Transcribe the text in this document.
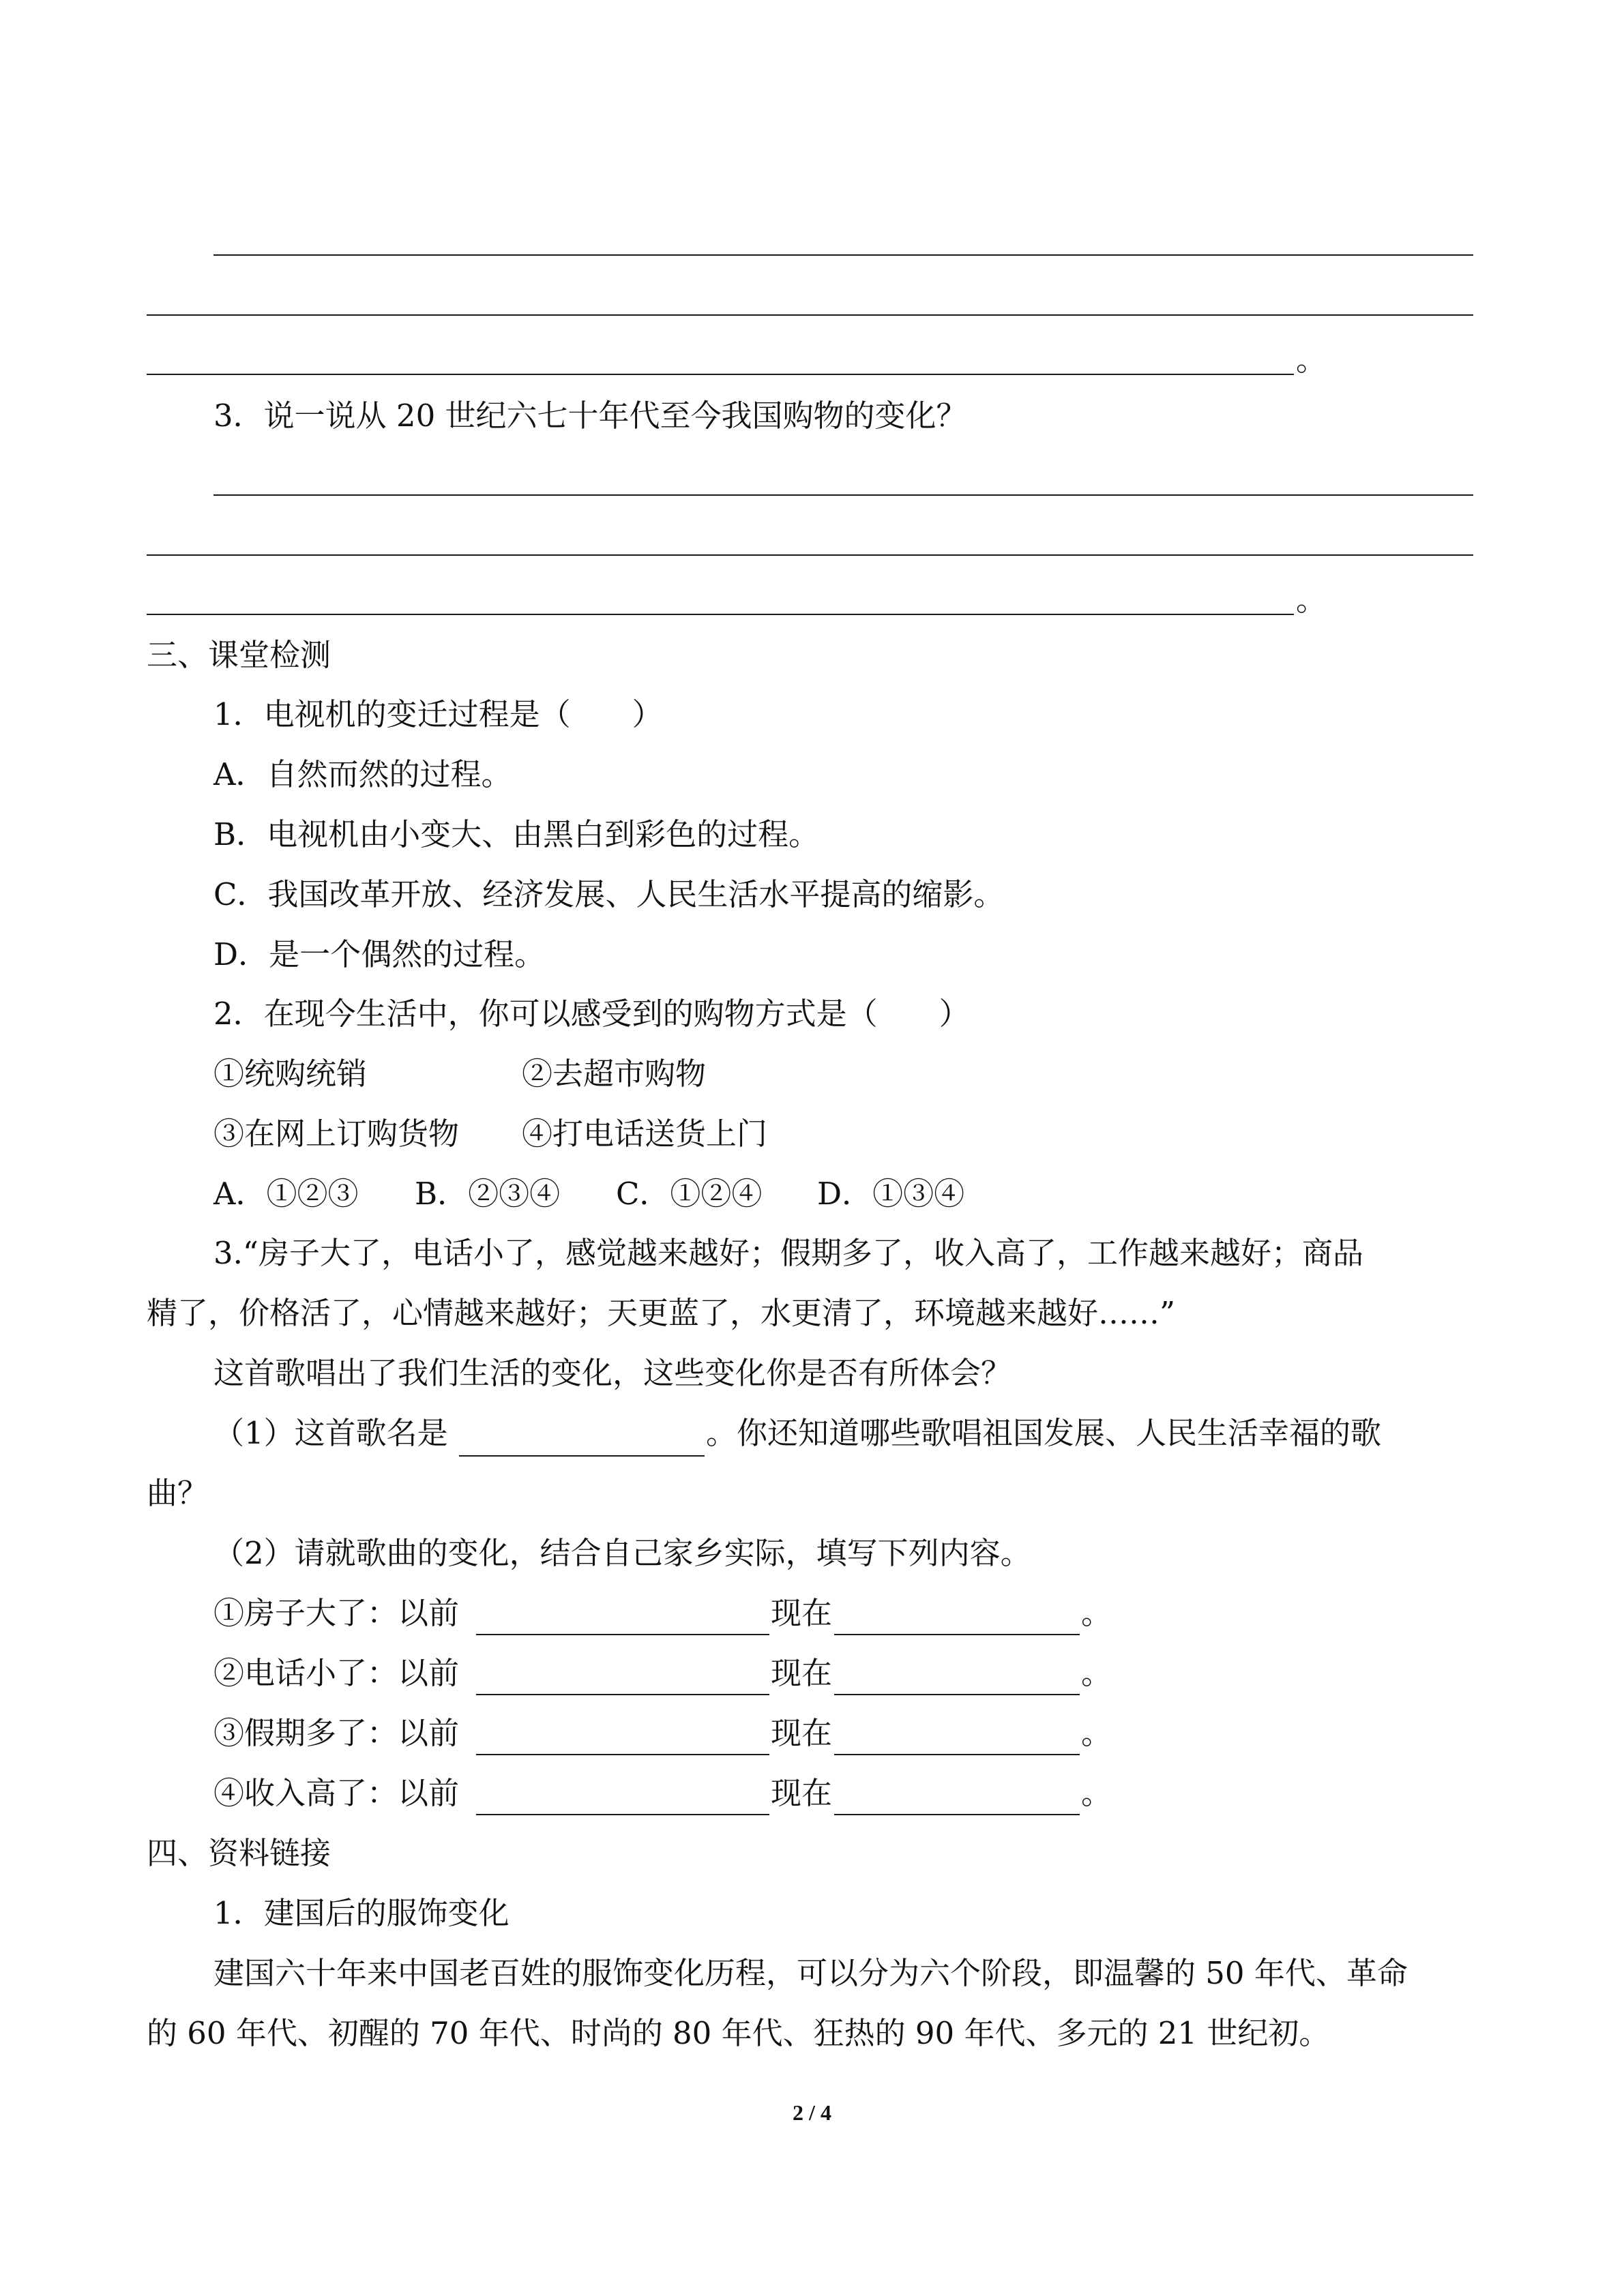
。
3．说一说从 20 世纪六七十年代至今我国购物的变化？
。
三、课堂检测
1．电视机的变迁过程是（　　）
A．自然而然的过程。
B．电视机由小变大、由黑白到彩色的过程。
C．我国改革开放、经济发展、人民生活水平提高的缩影。
D．是一个偶然的过程。
2．在现今生活中，你可以感受到的购物方式是（　　）
①统购统销	②去超市购物
③在网上订购货物 ④打电话送货上门
A．①②③ B．②③④ C．①②④ D．①③④
3.“房子大了，电话小了，感觉越来越好；假期多了，收入高了，工作越来越好；商品
精了，价格活了，心情越来越好；天更蓝了，水更清了，环境越来越好……”
这首歌唱出了我们生活的变化，这些变化你是否有所体会？
（1）这首歌名是	。你还知道哪些歌唱祖国发展、人民生活幸福的歌
曲？
（2）请就歌曲的变化，结合自己家乡实际，填写下列内容。
①房子大了：以前	现在	。
②电话小了：以前	现在	。
③假期多了：以前	现在	。
④收入高了：以前	现在	。
四、资料链接
1．建国后的服饰变化
建国六十年来中国老百姓的服饰变化历程，可以分为六个阶段，即温馨的 50 年代、革命
的 60 年代、初醒的 70 年代、时尚的 80 年代、狂热的 90 年代、多元的 21 世纪初。
2 / 4
